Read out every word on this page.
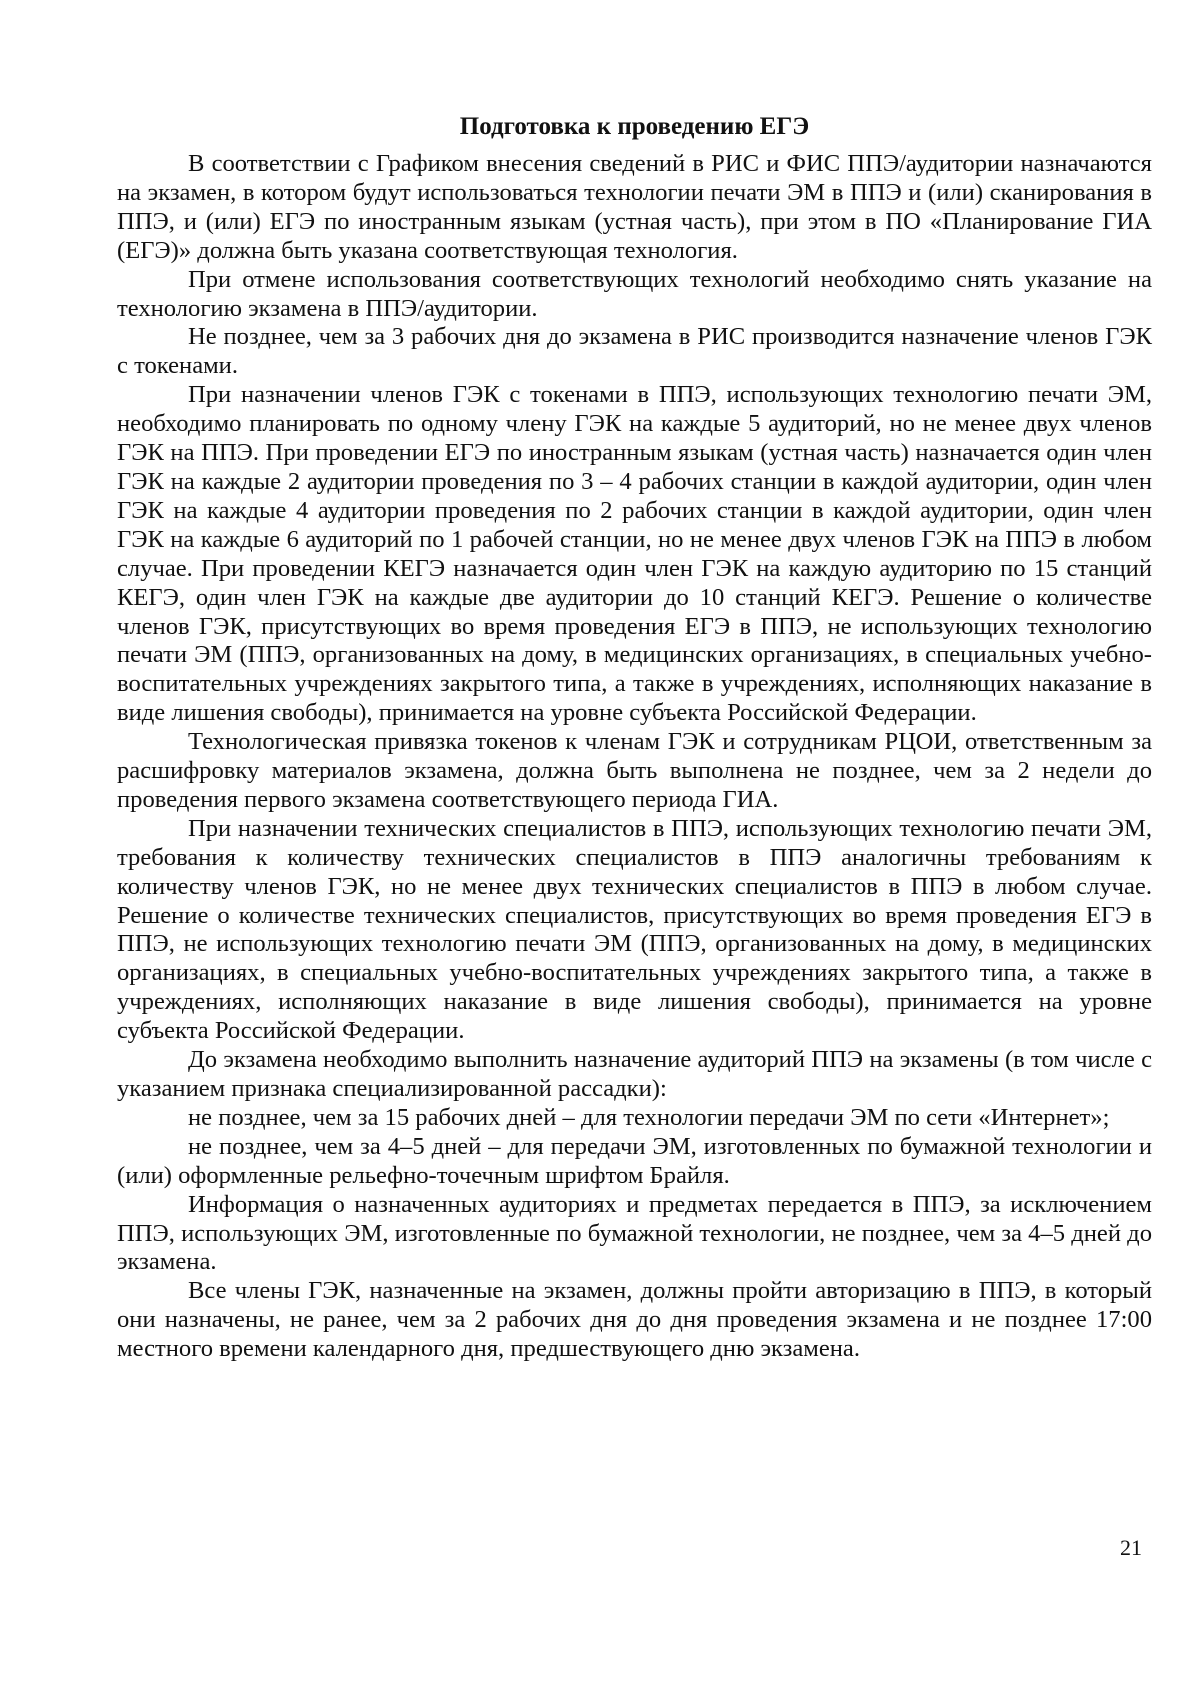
Подготовка к проведению ЕГЭ

В соответствии с Графиком внесения сведений в РИС и ФИС ППЭ/аудитории назначаются на экзамен, в котором будут использоваться технологии печати ЭМ в ППЭ и (или) сканирования в ППЭ, и (или) ЕГЭ по иностранным языкам (устная часть), при этом в ПО «Планирование ГИА (ЕГЭ)» должна быть указана соответствующая технология.

При отмене использования соответствующих технологий необходимо снять указание на технологию экзамена в ППЭ/аудитории.

Не позднее, чем за 3 рабочих дня до экзамена в РИС производится назначение членов ГЭК с токенами.

При назначении членов ГЭК с токенами в ППЭ, использующих технологию печати ЭМ, необходимо планировать по одному члену ГЭК на каждые 5 аудиторий, но не менее двух членов ГЭК на ППЭ. При проведении ЕГЭ по иностранным языкам (устная часть) назначается один член ГЭК на каждые 2 аудитории проведения по 3 – 4 рабочих станции в каждой аудитории, один член ГЭК на каждые 4 аудитории проведения по 2 рабочих станции в каждой аудитории, один член ГЭК на каждые 6 аудиторий по 1 рабочей станции, но не менее двух членов ГЭК на ППЭ в любом случае. При проведении КЕГЭ назначается один член ГЭК на каждую аудиторию по 15 станций КЕГЭ, один член ГЭК на каждые две аудитории до 10 станций КЕГЭ. Решение о количестве членов ГЭК, присутствующих во время проведения ЕГЭ в ППЭ, не использующих технологию печати ЭМ (ППЭ, организованных на дому, в медицинских организациях, в специальных учебно-воспитательных учреждениях закрытого типа, а также в учреждениях, исполняющих наказание в виде лишения свободы), принимается на уровне субъекта Российской Федерации.

Технологическая привязка токенов к членам ГЭК и сотрудникам РЦОИ, ответственным за расшифровку материалов экзамена, должна быть выполнена не позднее, чем за 2 недели до проведения первого экзамена соответствующего периода ГИА.

При назначении технических специалистов в ППЭ, использующих технологию печати ЭМ, требования к количеству технических специалистов в ППЭ аналогичны требованиям к количеству членов ГЭК, но не менее двух технических специалистов в ППЭ в любом случае. Решение о количестве технических специалистов, присутствующих во время проведения ЕГЭ в ППЭ, не использующих технологию печати ЭМ (ППЭ, организованных на дому, в медицинских организациях, в специальных учебно-воспитательных учреждениях закрытого типа, а также в учреждениях, исполняющих наказание в виде лишения свободы), принимается на уровне субъекта Российской Федерации.

До экзамена необходимо выполнить назначение аудиторий ППЭ на экзамены (в том числе с указанием признака специализированной рассадки):

не позднее, чем за 15 рабочих дней – для технологии передачи ЭМ по сети «Интернет»;

не позднее, чем за 4–5 дней – для передачи ЭМ, изготовленных по бумажной технологии и (или) оформленные рельефно-точечным шрифтом Брайля.

Информация о назначенных аудиториях и предметах передается в ППЭ, за исключением ППЭ, использующих ЭМ, изготовленные по бумажной технологии, не позднее, чем за 4–5 дней до экзамена.

Все члены ГЭК, назначенные на экзамен, должны пройти авторизацию в ППЭ, в который они назначены, не ранее, чем за 2 рабочих дня до дня проведения экзамена и не позднее 17:00 местного времени календарного дня, предшествующего дню экзамена.

21
